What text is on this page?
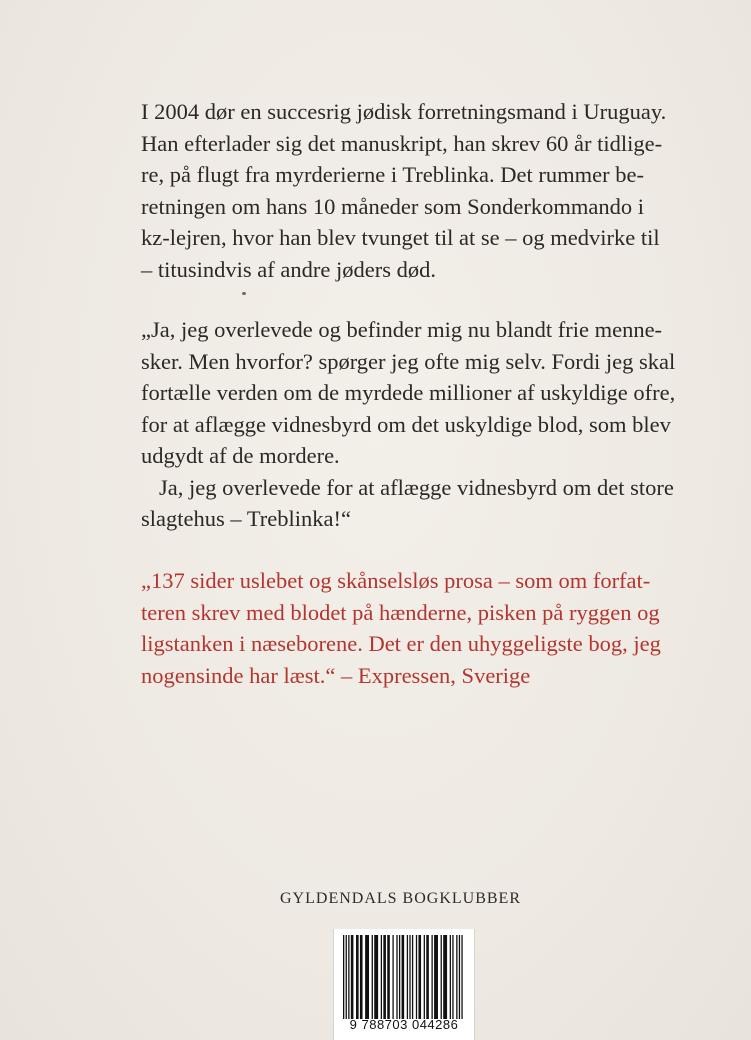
I 2004 dør en succesrig jødisk forretningsmand i Uruguay.
Han efterlader sig det manuskript, han skrev 60 år tidlige-
re, på flugt fra myrderierne i Treblinka. Det rummer be-
retningen om hans 10 måneder som Sonderkommando i
kz-lejren, hvor han blev tvunget til at se – og medvirke til
– titusindvis af andre jøders død.

„Ja, jeg overlevede og befinder mig nu blandt frie menne-
sker. Men hvorfor? spørger jeg ofte mig selv. Fordi jeg skal
fortælle verden om de myrdede millioner af uskyldige ofre,
for at aflægge vidnesbyrd om det uskyldige blod, som blev
udgydt af de mordere.
Ja, jeg overlevede for at aflægge vidnesbyrd om det store
slagtehus – Treblinka!“

„137 sider uslebet og skånselsløs prosa – som om forfat-
teren skrev med blodet på hænderne, pisken på ryggen og
ligstanken i næseborene. Det er den uhyggeligste bog, jeg
nogensinde har læst.“ – Expressen, Sverige

GYLDENDALS BOGKLUBBER
9 788703 044286
